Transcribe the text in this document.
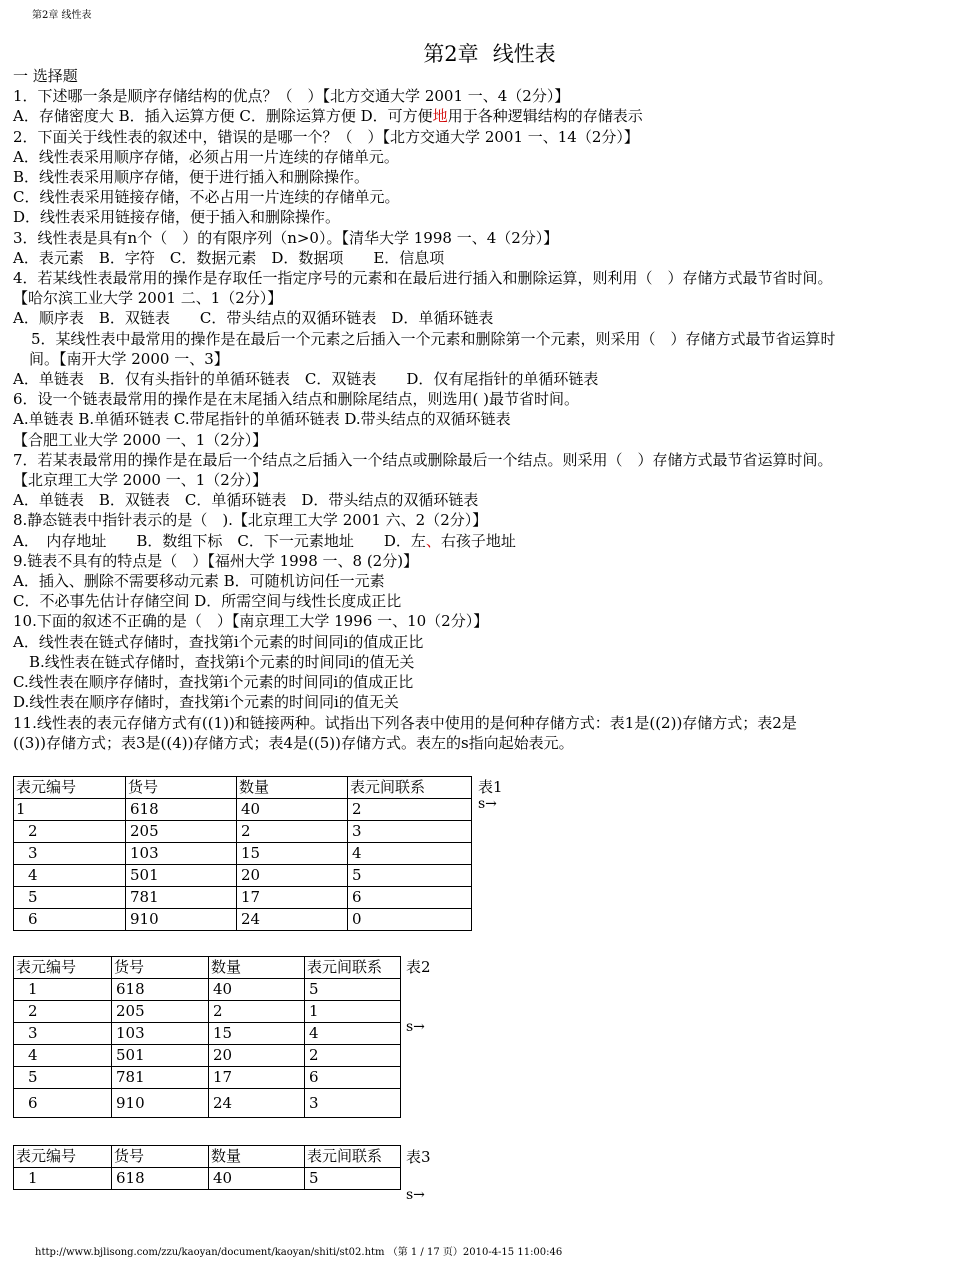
第2章 线性表
第2章 线性表
一 选择题
1．下述哪一条是顺序存储结构的优点？（　）【北方交通大学 2001 一、4（2分）】
A．存储密度大 B．插入运算方便 C．删除运算方便 D．可方便地用于各种逻辑结构的存储表示
2．下面关于线性表的叙述中，错误的是哪一个？（　）【北方交通大学 2001 一、14（2分）】
A．线性表采用顺序存储，必须占用一片连续的存储单元。
B．线性表采用顺序存储，便于进行插入和删除操作。
C．线性表采用链接存储，不必占用一片连续的存储单元。
D．线性表采用链接存储，便于插入和删除操作。
3．线性表是具有n个（　）的有限序列（n>0）。【清华大学 1998 一、4（2分）】
A．表元素　B．字符　C．数据元素　D．数据项　　E．信息项
4．若某线性表最常用的操作是存取任一指定序号的元素和在最后进行插入和删除运算，则利用（　）存储方式最节省时间。
【哈尔滨工业大学 2001 二、1（2分）】
A．顺序表　B．双链表　　C．带头结点的双循环链表　D．单循环链表
5．某线性表中最常用的操作是在最后一个元素之后插入一个元素和删除第一个元素，则采用（　）存储方式最节省运算时
间。【南开大学 2000 一、3】
A．单链表　B．仅有头指针的单循环链表　C．双链表　　D．仅有尾指针的单循环链表
6．设一个链表最常用的操作是在末尾插入结点和删除尾结点，则选用( )最节省时间。
A.单链表 B.单循环链表 C.带尾指针的单循环链表 D.带头结点的双循环链表
【合肥工业大学 2000 一、1（2分）】
7．若某表最常用的操作是在最后一个结点之后插入一个结点或删除最后一个结点。则采用（　）存储方式最节省运算时间。
【北京理工大学 2000 一、1（2分）】
A．单链表　B．双链表　C．单循环链表　D．带头结点的双循环链表
8.静态链表中指针表示的是（　).【北京理工大学 2001 六、2（2分）】
A．　内存地址　　B．数组下标　C．下一元素地址　　D．左、右孩子地址
9.链表不具有的特点是（　）【福州大学 1998 一、8 (2分)】
A．插入、删除不需要移动元素 B．可随机访问任一元素
C．不必事先估计存储空间 D．所需空间与线性长度成正比
10.下面的叙述不正确的是（　）【南京理工大学 1996 一、10（2分）】
A．线性表在链式存储时，查找第i个元素的时间同i的值成正比
B.线性表在链式存储时，查找第i个元素的时间同i的值无关
C.线性表在顺序存储时，查找第i个元素的时间同i的值成正比
D.线性表在顺序存储时，查找第i个元素的时间同i的值无关
11.线性表的表元存储方式有((1))和链接两种。试指出下列各表中使用的是何种存储方式：表1是((2))存储方式；表2是
((3))存储方式；表3是((4))存储方式；表4是((5))存储方式。表左的s指向起始表元。
表元编号	货号	数量	表元间联系
1	618	40	2
2	205	2	3
3	103	15	4
4	501	20	5
5	781	17	6
6	910	24	0
表1
s→
表元编号	货号	数量	表元间联系
1	618	40	5
2	205	2	1
3	103	15	4
4	501	20	2
5	781	17	6
6	910	24	3
表2
s→
表元编号	货号	数量	表元间联系
1	618	40	5
表3
s→
http://www.bjlisong.com/zzu/kaoyan/document/kaoyan/shiti/st02.htm （第 1 / 17 页）2010-4-15 11:00:46
